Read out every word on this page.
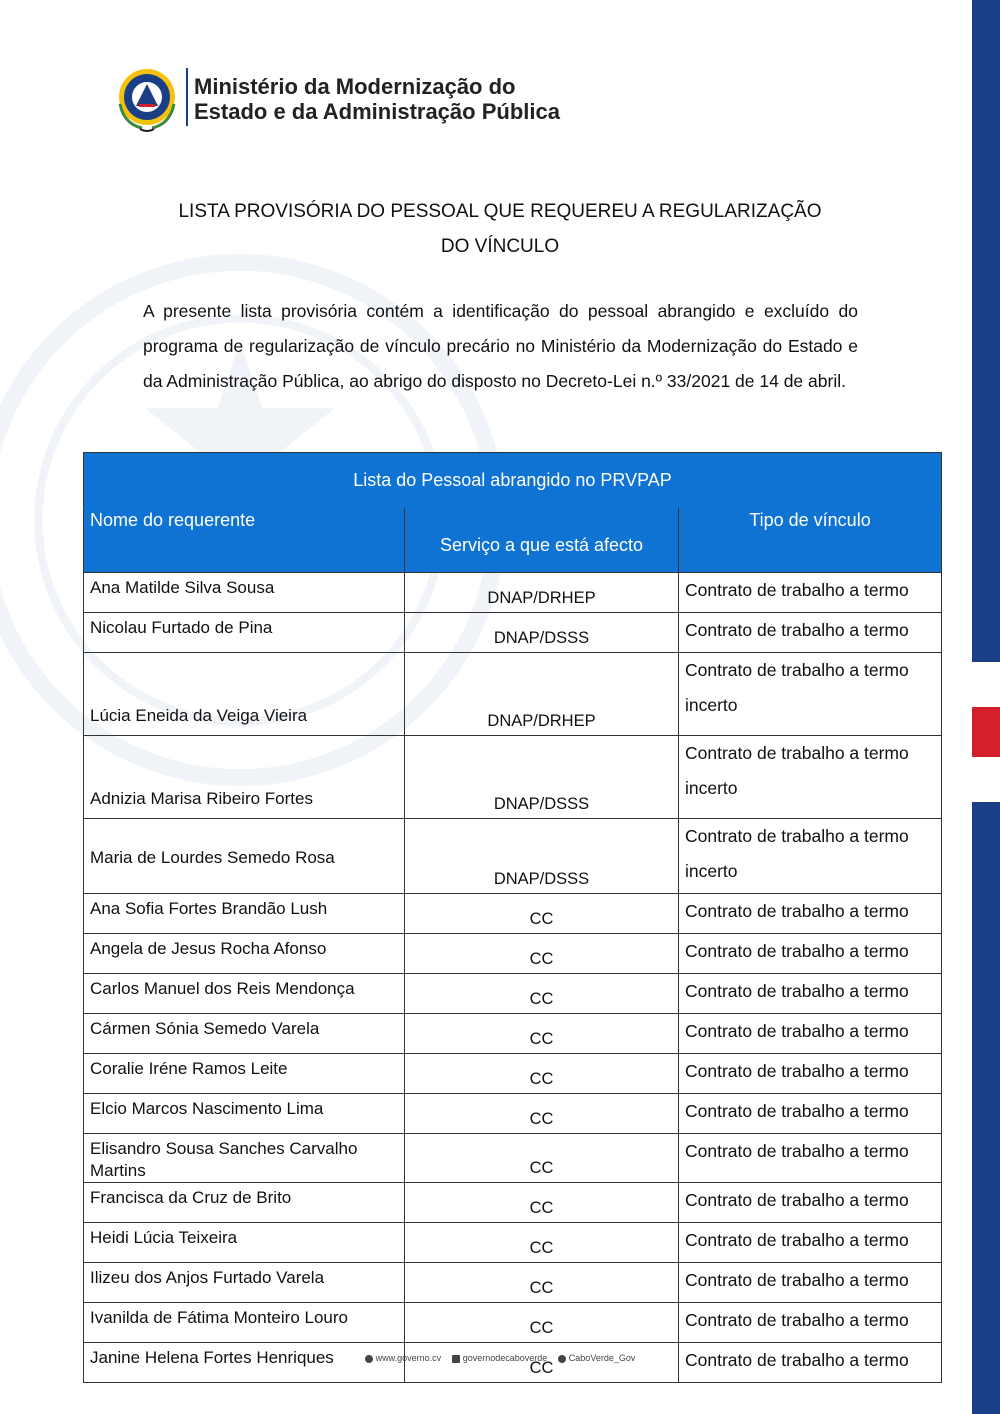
Ministério da Modernização do
Estado e da Administração Pública
LISTA PROVISÓRIA DO PESSOAL QUE REQUEREU A REGULARIZAÇÃO
DO VÍNCULO
A presente lista provisória contém a identificação do pessoal abrangido e excluído do programa de regularização de vínculo precário no Ministério da Modernização do Estado e da Administração Pública, ao abrigo do disposto no Decreto-Lei n.º 33/2021 de 14 de abril.
Lista do Pessoal abrangido no PRVPAP		
Nome do requerente	Serviço a que está afecto	Tipo de vínculo
Ana Matilde Silva Sousa	DNAP/DRHEP	Contrato de trabalho a termo
Nicolau Furtado de Pina	DNAP/DSSS	Contrato de trabalho a termo
Lúcia Eneida da Veiga Vieira	DNAP/DRHEP	Contrato de trabalho a termo incerto
Adnizia Marisa Ribeiro Fortes	DNAP/DSSS	Contrato de trabalho a termo incerto
Maria de Lourdes Semedo Rosa	DNAP/DSSS	Contrato de trabalho a termo incerto
Ana Sofia Fortes Brandão Lush	CC	Contrato de trabalho a termo
Angela de Jesus Rocha Afonso	CC	Contrato de trabalho a termo
Carlos Manuel dos Reis Mendonça	CC	Contrato de trabalho a termo
Cármen Sónia Semedo Varela	CC	Contrato de trabalho a termo
Coralie Iréne Ramos Leite	CC	Contrato de trabalho a termo
Elcio Marcos Nascimento Lima	CC	Contrato de trabalho a termo
Elisandro Sousa Sanches Carvalho Martins	CC	Contrato de trabalho a termo
Francisca da Cruz de Brito	CC	Contrato de trabalho a termo
Heidi Lúcia Teixeira	CC	Contrato de trabalho a termo
Ilizeu dos Anjos Furtado Varela	CC	Contrato de trabalho a termo
Ivanilda de Fátima Monteiro Louro	CC	Contrato de trabalho a termo
Janine Helena Fortes Henriques	CC	Contrato de trabalho a termo
www.governo.cv governodecaboverde CaboVerde_Gov
